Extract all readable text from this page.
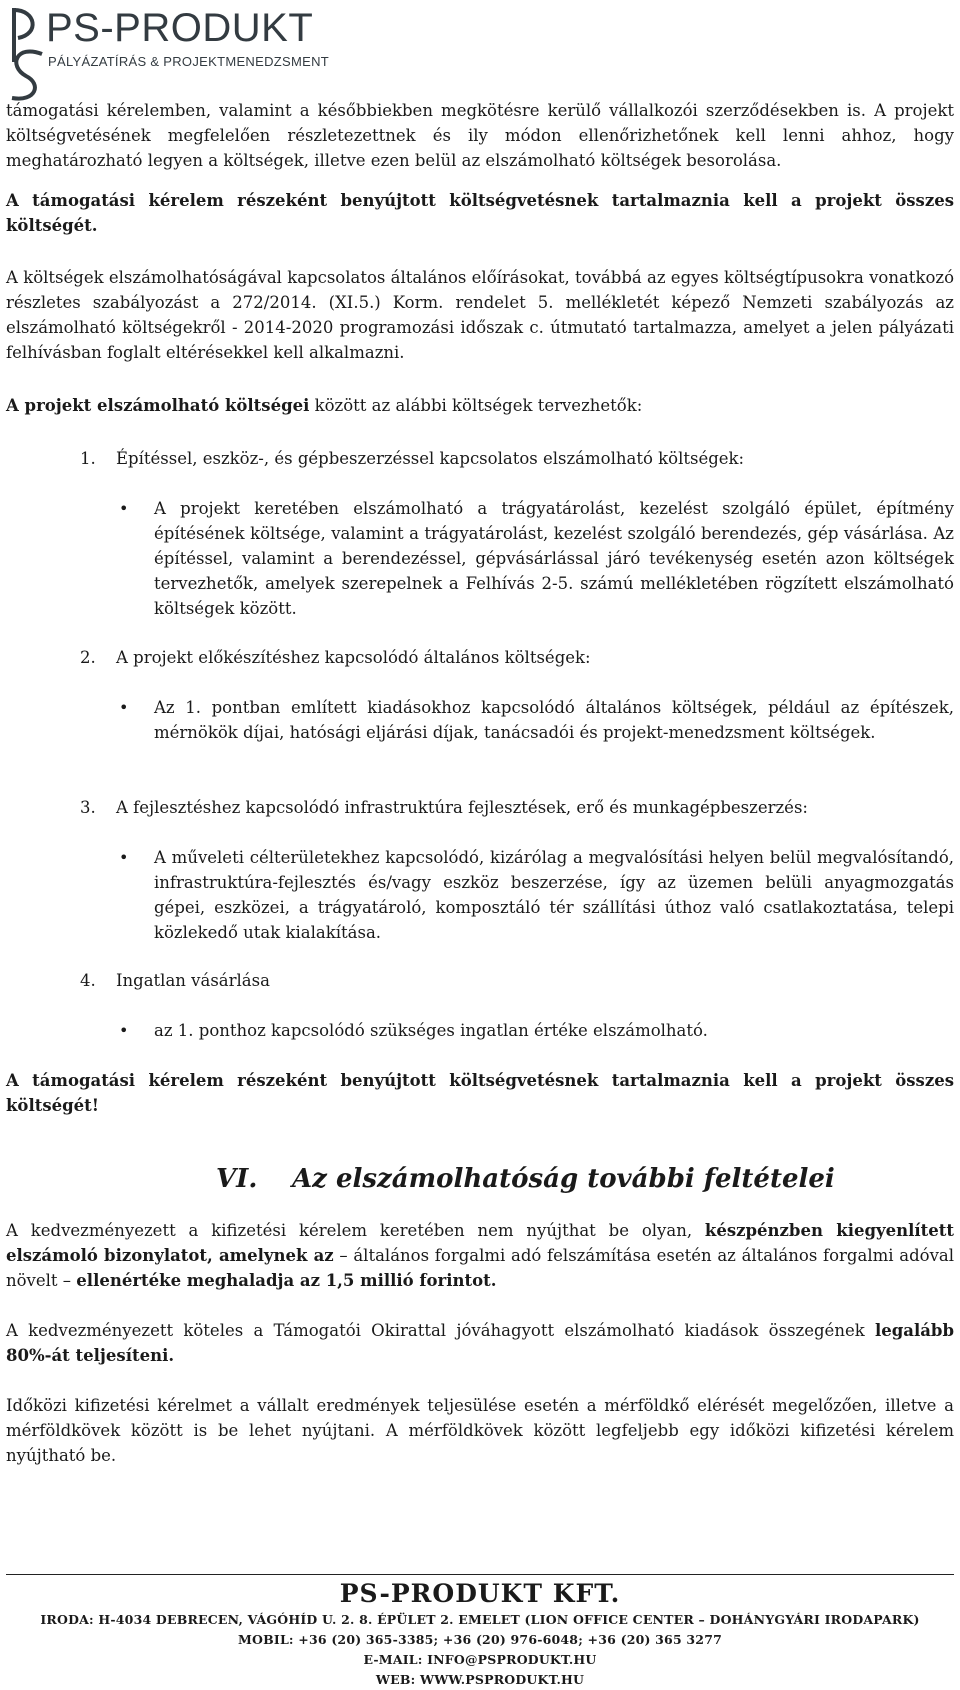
PS-PRODUKT
PÁLYÁZATÍRÁS & PROJEKTMENEDZSMENT

támogatási kérelemben, valamint a későbbiekben megkötésre kerülő vállalkozói szerződésekben is. A projekt költségvetésének megfelelően részletezettnek és ily módon ellenőrizhetőnek kell lenni ahhoz, hogy meghatározható legyen a költségek, illetve ezen belül az elszámolható költségek besorolása.

A támogatási kérelem részeként benyújtott költségvetésnek tartalmaznia kell a projekt összes költségét.

A költségek elszámolhatóságával kapcsolatos általános előírásokat, továbbá az egyes költségtípusokra vonatkozó részletes szabályozást a 272/2014. (XI.5.) Korm. rendelet 5. mellékletét képező Nemzeti szabályozás az elszámolható költségekről - 2014-2020 programozási időszak c. útmutató tartalmazza, amelyet a jelen pályázati felhívásban foglalt eltérésekkel kell alkalmazni.

A projekt elszámolható költségei között az alábbi költségek tervezhetők:

1. Építéssel, eszköz-, és gépbeszerzéssel kapcsolatos elszámolható költségek:

• A projekt keretében elszámolható a trágyatárolást, kezelést szolgáló épület, építmény építésének költsége, valamint a trágyatárolást, kezelést szolgáló berendezés, gép vásárlása. Az építéssel, valamint a berendezéssel, gépvásárlással járó tevékenység esetén azon költségek tervezhetők, amelyek szerepelnek a Felhívás 2-5. számú mellékletében rögzített elszámolható költségek között.

2. A projekt előkészítéshez kapcsolódó általános költségek:

• Az 1. pontban említett kiadásokhoz kapcsolódó általános költségek, például az építészek, mérnökök díjai, hatósági eljárási díjak, tanácsadói és projekt-menedzsment költségek.

3. A fejlesztéshez kapcsolódó infrastruktúra fejlesztések, erő és munkagépbeszerzés:

• A műveleti célterületekhez kapcsolódó, kizárólag a megvalósítási helyen belül megvalósítandó, infrastruktúra-fejlesztés és/vagy eszköz beszerzése, így az üzemen belüli anyagmozgatás gépei, eszközei, a trágyatároló, komposztáló tér szállítási úthoz való csatlakoztatása, telepi közlekedő utak kialakítása.

4. Ingatlan vásárlása

• az 1. ponthoz kapcsolódó szükséges ingatlan értéke elszámolható.

A támogatási kérelem részeként benyújtott költségvetésnek tartalmaznia kell a projekt összes költségét!

VI. Az elszámolhatóság további feltételei

A kedvezményezett a kifizetési kérelem keretében nem nyújthat be olyan, készpénzben kiegyenlített elszámoló bizonylatot, amelynek az – általános forgalmi adó felszámítása esetén az általános forgalmi adóval növelt – ellenértéke meghaladja az 1,5 millió forintot.

A kedvezményezett köteles a Támogatói Okirattal jóváhagyott elszámolható kiadások összegének legalább 80%-át teljesíteni.

Időközi kifizetési kérelmet a vállalt eredmények teljesülése esetén a mérföldkő elérését megelőzően, illetve a mérföldkövek között is be lehet nyújtani. A mérföldkövek között legfeljebb egy időközi kifizetési kérelem nyújtható be.

PS-PRODUKT KFT.
IRODA: H-4034 DEBRECEN, VÁGÓHÍD U. 2. 8. ÉPÜLET 2. EMELET (LION OFFICE CENTER – DOHÁNYGYÁRI IRODAPARK)
MOBIL: +36 (20) 365-3385; +36 (20) 976-6048; +36 (20) 365 3277
E-MAIL: INFO@PSPRODUKT.HU
WEB: WWW.PSPRODUKT.HU
